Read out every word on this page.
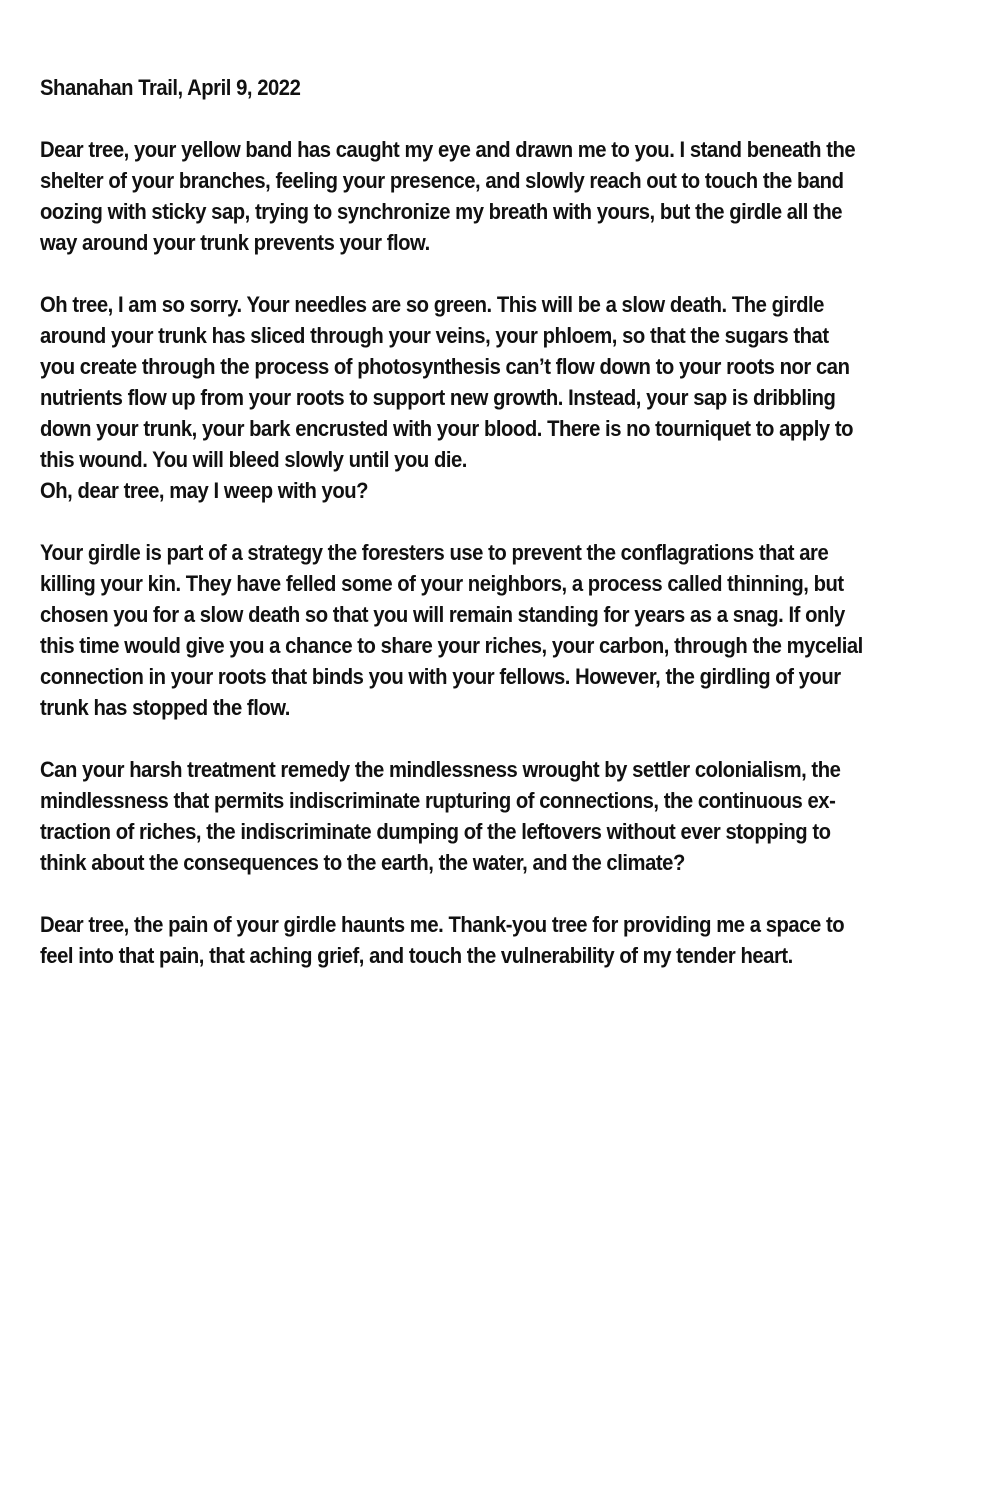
Shanahan Trail, April 9, 2022
Dear tree, your yellow band has caught my eye and drawn me to you. I stand beneath the
shelter of your branches, feeling your presence, and slowly reach out to touch the band
oozing with sticky sap, trying to synchronize my breath with yours, but the girdle all the
way around your trunk prevents your flow.
Oh tree, I am so sorry. Your needles are so green. This will be a slow death. The girdle
around your trunk has sliced through your veins, your phloem, so that the sugars that
you create through the process of photosynthesis can’t flow down to your roots nor can
nutrients flow up from your roots to support new growth. Instead, your sap is dribbling
down your trunk, your bark encrusted with your blood. There is no tourniquet to apply to
this wound. You will bleed slowly until you die.
Oh, dear tree, may I weep with you?
Your girdle is part of a strategy the foresters use to prevent the conflagrations that are
killing your kin. They have felled some of your neighbors, a process called thinning, but
chosen you for a slow death so that you will remain standing for years as a snag. If only
this time would give you a chance to share your riches, your carbon, through the mycelial
connection in your roots that binds you with your fellows. However, the girdling of your
trunk has stopped the flow.
Can your harsh treatment remedy the mindlessness wrought by settler colonialism, the
mindlessness that permits indiscriminate rupturing of connections, the continuous ex-
traction of riches, the indiscriminate dumping of the leftovers without ever stopping to
think about the consequences to the earth, the water, and the climate?
Dear tree, the pain of your girdle haunts me. Thank-you tree for providing me a space to
feel into that pain, that aching grief, and touch the vulnerability of my tender heart.
